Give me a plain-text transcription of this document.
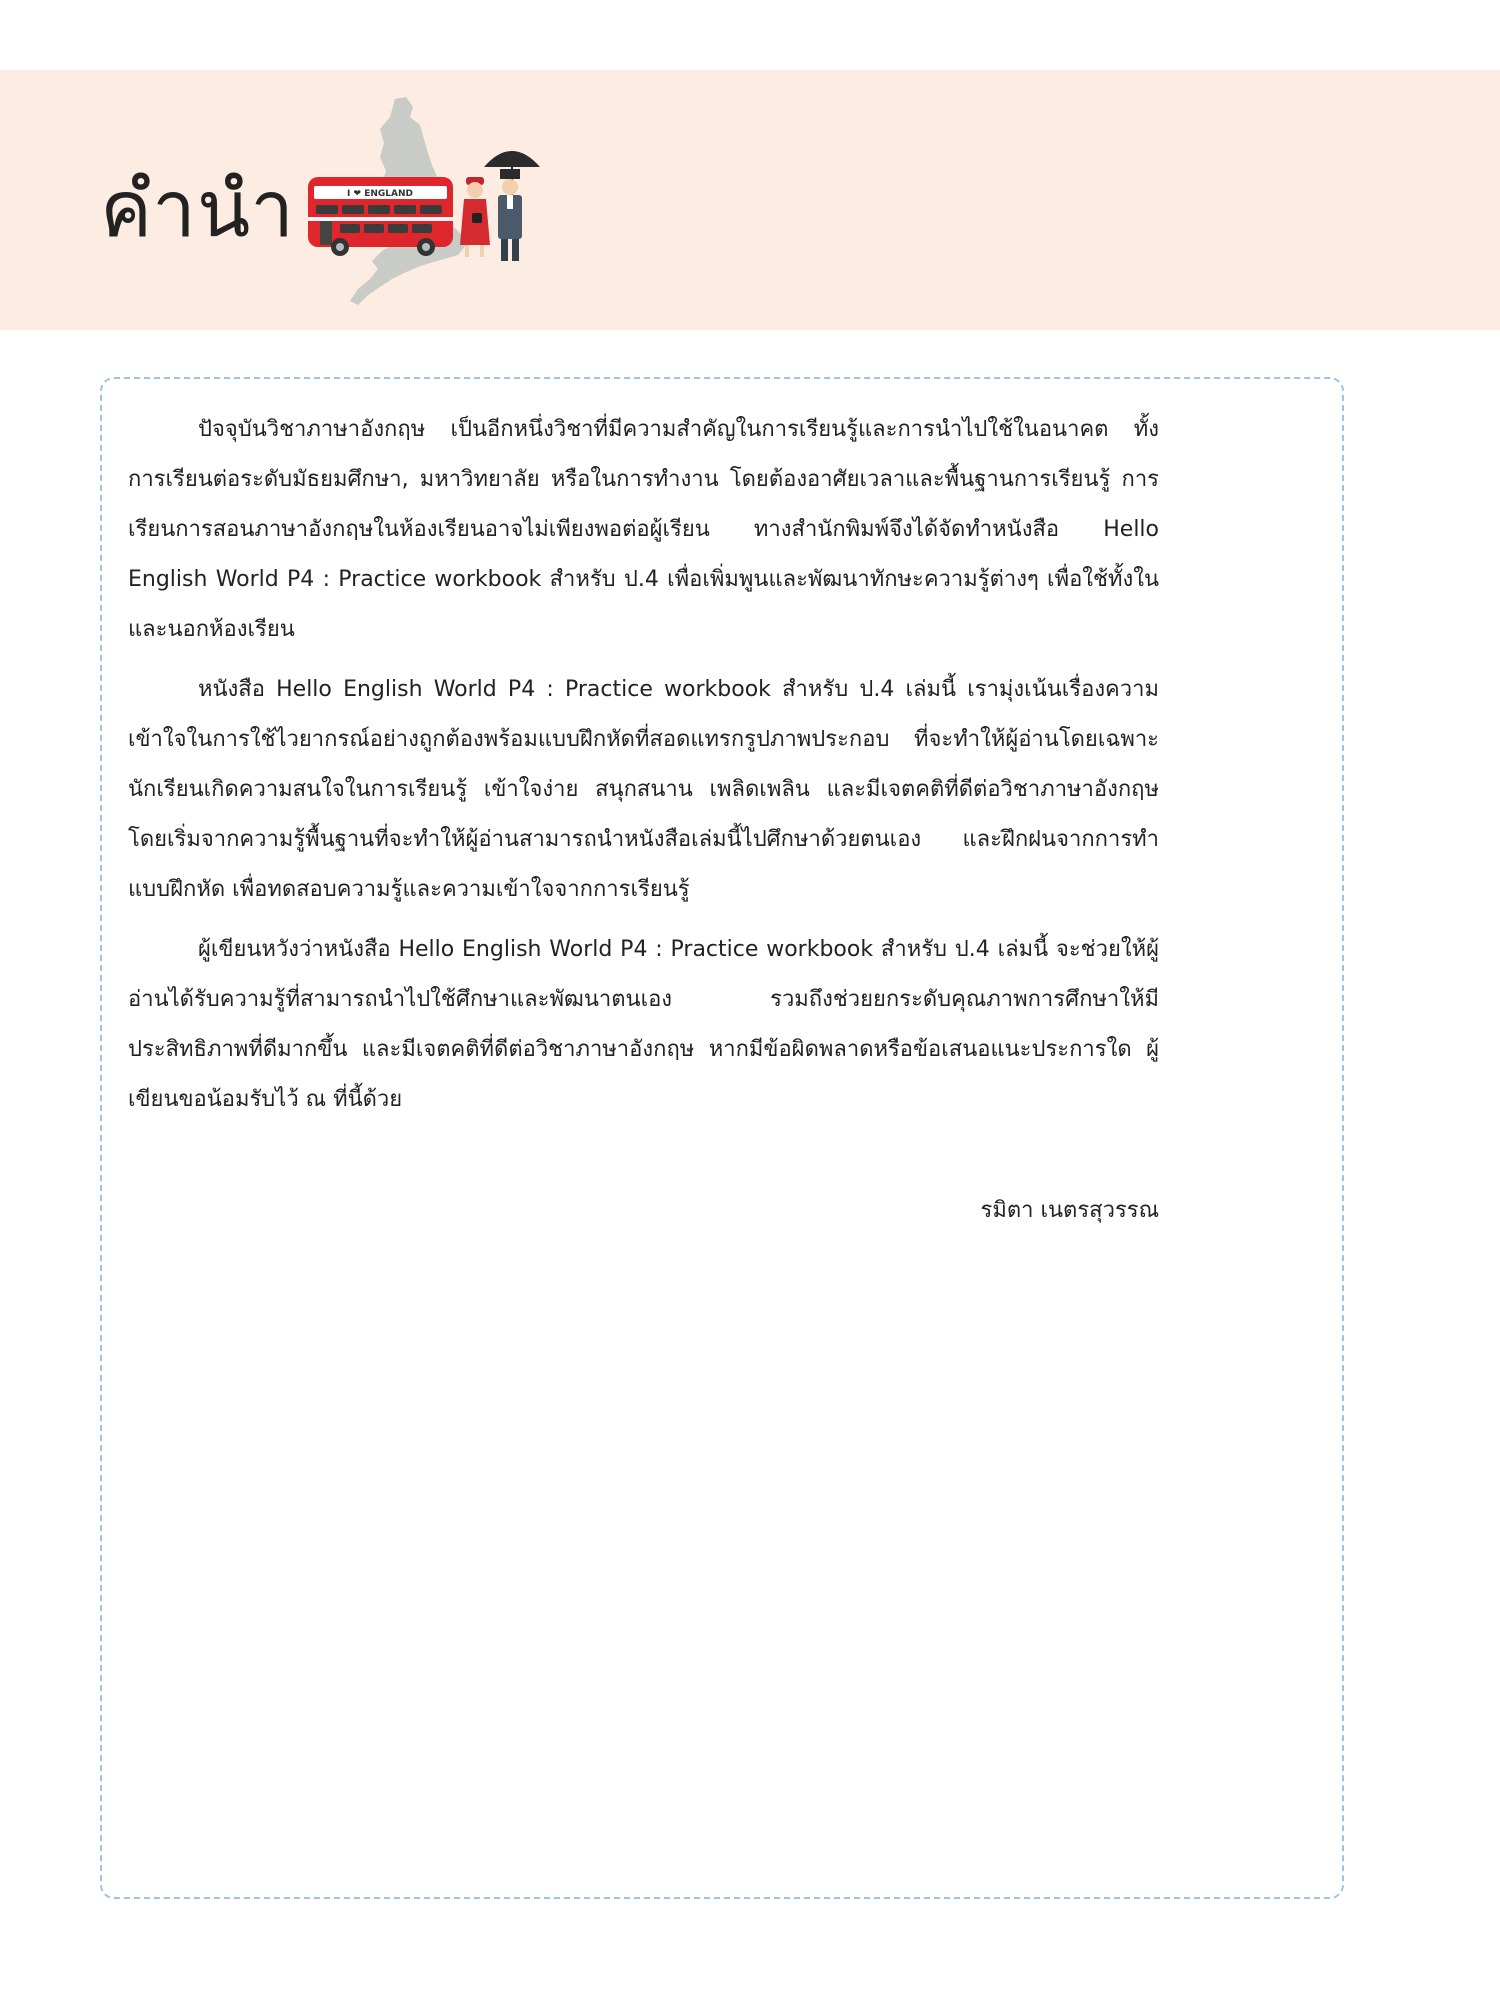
คำนำ	I ❤ ENGLAND

ปัจจุบันวิชาภาษาอังกฤษ เป็นอีกหนึ่งวิชาที่มีความสำคัญในการเรียนรู้และการนำไปใช้ในอนาคต ทั้งการเรียนต่อระดับมัธยมศึกษา, มหาวิทยาลัย หรือในการทำงาน โดยต้องอาศัยเวลาและพื้นฐานการเรียนรู้ การเรียนการสอนภาษาอังกฤษในห้องเรียนอาจไม่เพียงพอต่อผู้เรียน ทางสำนักพิมพ์จึงได้จัดทำหนังสือ Hello English World P4 : Practice workbook สำหรับ ป.4 เพื่อเพิ่มพูนและพัฒนาทักษะความรู้ต่างๆ เพื่อใช้ทั้งในและนอกห้องเรียน

หนังสือ Hello English World P4 : Practice workbook สำหรับ ป.4 เล่มนี้ เรามุ่งเน้นเรื่องความเข้าใจในการใช้ไวยากรณ์อย่างถูกต้องพร้อมแบบฝึกหัดที่สอดแทรกรูปภาพประกอบ ที่จะทำให้ผู้อ่านโดยเฉพาะนักเรียนเกิดความสนใจในการเรียนรู้ เข้าใจง่าย สนุกสนาน เพลิดเพลิน และมีเจตคติที่ดีต่อวิชาภาษาอังกฤษ โดยเริ่มจากความรู้พื้นฐานที่จะทำให้ผู้อ่านสามารถนำหนังสือเล่มนี้ไปศึกษาด้วยตนเอง และฝึกฝนจากการทำแบบฝึกหัด เพื่อทดสอบความรู้และความเข้าใจจากการเรียนรู้

ผู้เขียนหวังว่าหนังสือ Hello English World P4 : Practice workbook สำหรับ ป.4 เล่มนี้ จะช่วยให้ผู้อ่านได้รับความรู้ที่สามารถนำไปใช้ศึกษาและพัฒนาตนเอง รวมถึงช่วยยกระดับคุณภาพการศึกษาให้มีประสิทธิภาพที่ดีมากขึ้น และมีเจตคติที่ดีต่อวิชาภาษาอังกฤษ หากมีข้อผิดพลาดหรือข้อเสนอแนะประการใด ผู้เขียนขอน้อมรับไว้ ณ ที่นี้ด้วย

รมิตา เนตรสุวรรณ
